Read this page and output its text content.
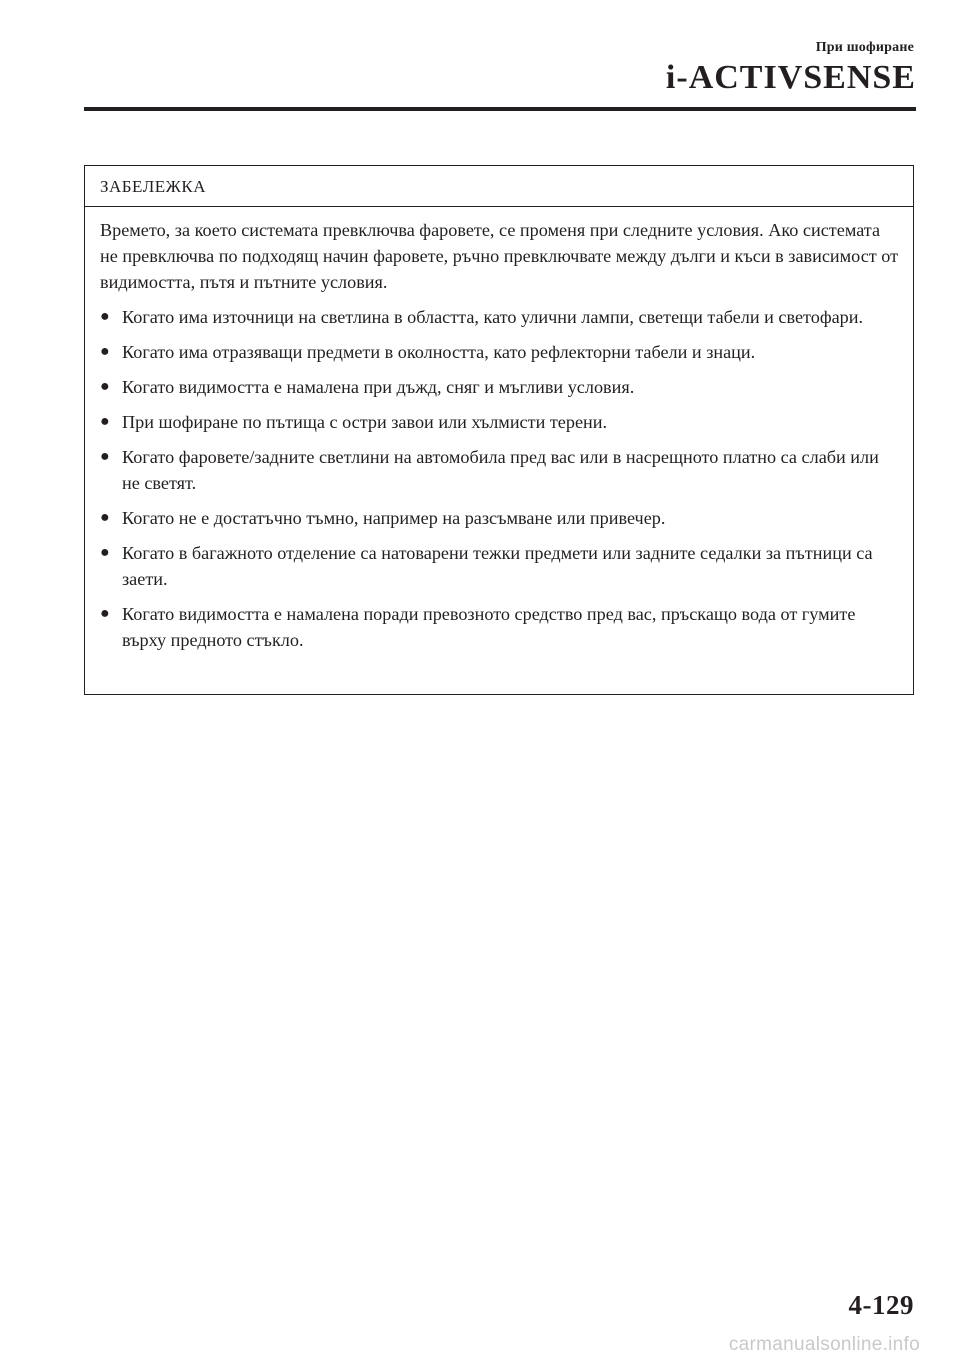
При шофиране
i-ACTIVSENSE
ЗАБЕЛЕЖКА

Времето, за което системата превключва фаровете, се променя при следните условия. Ако системата не превключва по подходящ начин фаровете, ръчно превключвате между дълги и къси в зависимост от видимостта, пътя и пътните условия.

● Когато има източници на светлина в областта, като улични лампи, светещи табели и светофари.
● Когато има отразяващи предмети в околността, като рефлекторни табели и знаци.
● Когато видимостта е намалена при дъжд, сняг и мъгливи условия.
● При шофиране по пътища с остри завои или хълмисти терени.
● Когато фаровете/задните светлини на автомобила пред вас или в насрещното платно са слаби или не светят.
● Когато не е достатъчно тъмно, например на разсъмване или привечер.
● Когато в багажното отделение са натоварени тежки предмети или задните седалки за пътници са заети.
● Когато видимостта е намалена поради превозното средство пред вас, пръскащо вода от гумите върху предното стъкло.
4-129
carmanualsonline.info
